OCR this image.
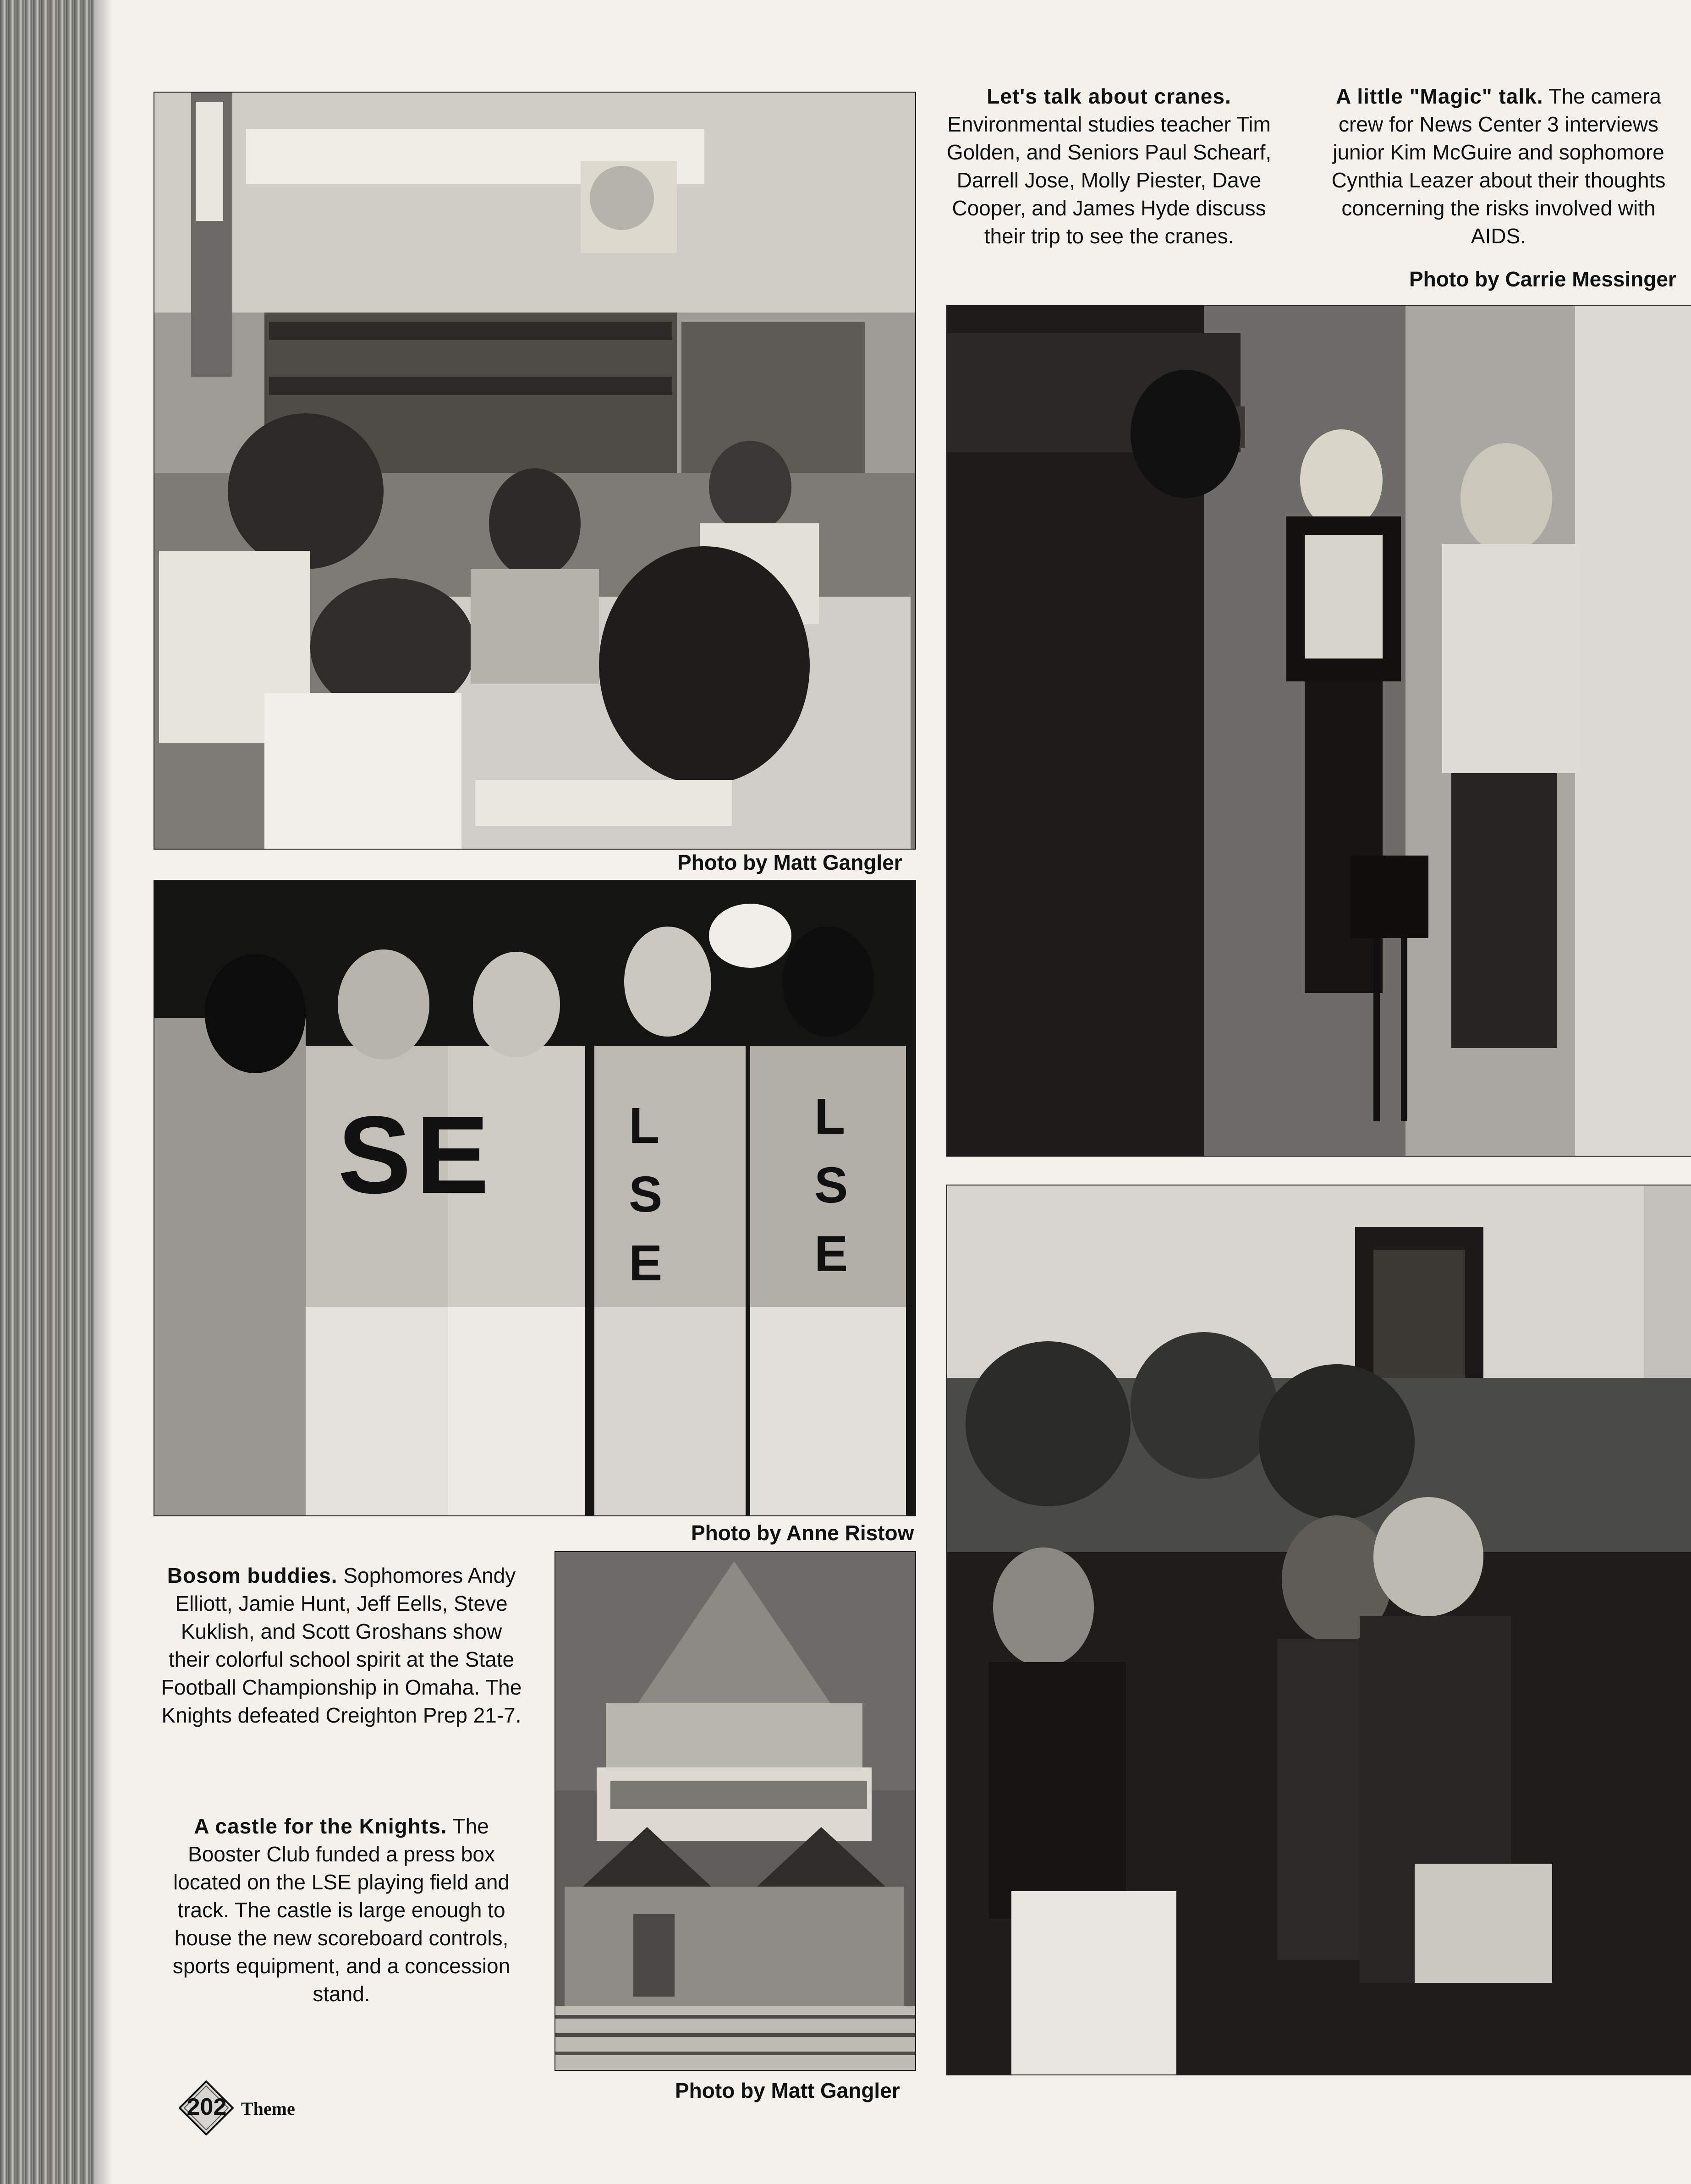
Photo by Matt Gangler
Let's talk about cranes. Environmental studies teacher Tim Golden, and Seniors Paul Schearf, Darrell Jose, Molly Piester, Dave Cooper, and James Hyde discuss their trip to see the cranes.
A little "Magic" talk. The camera crew for News Center 3 interviews junior Kim McGuire and sophomore Cynthia Leazer about their thoughts concerning the risks involved with AIDS.
Photo by Carrie Messinger
SE	LSE
LSE
Photo by Anne Ristow
Bosom buddies. Sophomores Andy Elliott, Jamie Hunt, Jeff Eells, Steve Kuklish, and Scott Groshans show their colorful school spirit at the State Football Championship in Omaha. The Knights defeated Creighton Prep 21-7.
A castle for the Knights. The Booster Club funded a press box located on the LSE playing field and track. The castle is large enough to house the new scoreboard controls, sports equipment, and a concession stand.
Photo by Matt Gangler
202 Theme
